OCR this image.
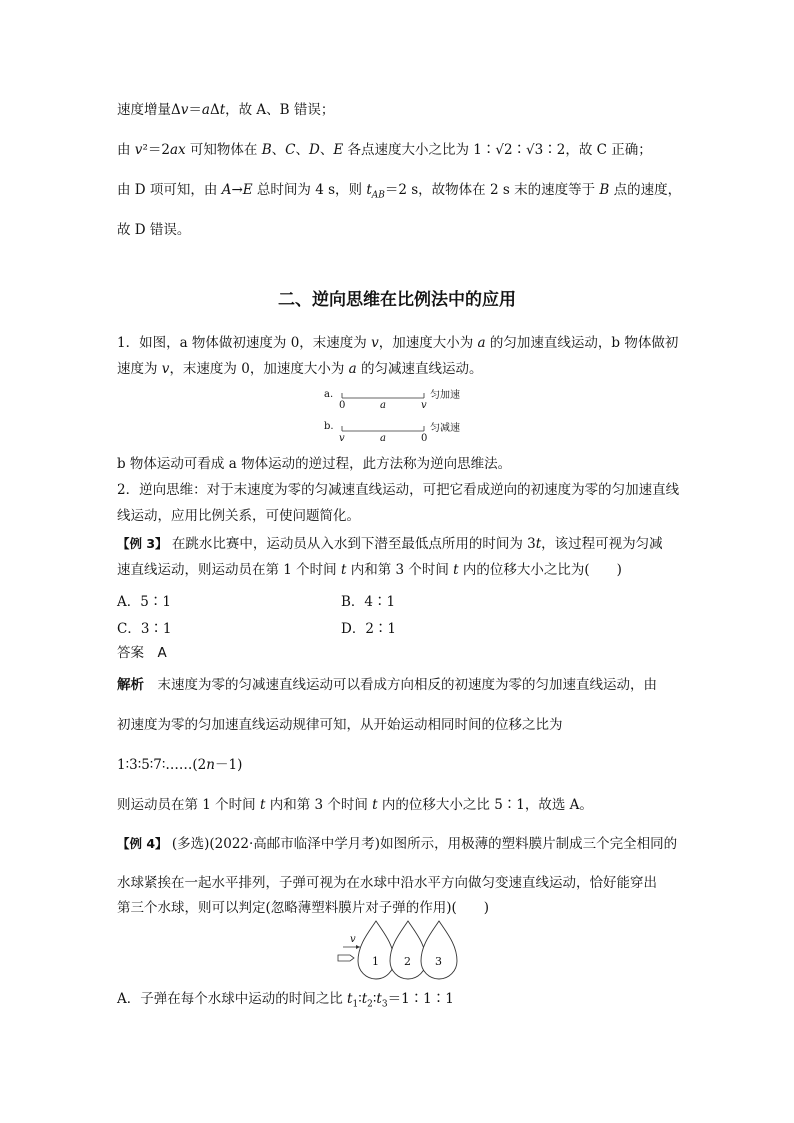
速度增量Δv＝aΔt，故 A、B 错误；
由 v²＝2ax 可知物体在 B、C、D、E 各点速度大小之比为 1∶√2∶√3∶2，故 C 正确；
由 D 项可知，由 A→E 总时间为 4 s，则 $t_{AB}=2$ s，故物体在 2 s 末的速度等于 B 点的速度，
故 D 错误。
二、逆向思维在比例法中的应用
1．如图，a 物体做初速度为 0，末速度为 v，加速度大小为 a 的匀加速直线运动，b 物体做初
速度为 v，末速度为 0，加速度大小为 a 的匀减速直线运动。
a.
0	a	v
匀加速
b.
v	a	0
匀减速
b 物体运动可看成 a 物体运动的逆过程，此方法称为逆向思维法。
2．逆向思维：对于末速度为零的匀减速直线运动，可把它看成逆向的初速度为零的匀加速直线
线运动，应用比例关系，可使问题简化。
【例 3】 在跳水比赛中，运动员从入水到下潜至最低点所用的时间为 3t，该过程可视为匀减
速直线运动，则运动员在第 1 个时间 t 内和第 3 个时间 t 内的位移大小之比为(　　)
A．5∶1	B．4∶1
C．3∶1	D．2∶1
答案　A
解析　末速度为零的匀减速直线运动可以看成方向相反的初速度为零的匀加速直线运动，由
初速度为零的匀加速直线运动规律可知，从开始运动相同时间的位移之比为
1∶3∶5∶7∶……(2n－1)
则运动员在第 1 个时间 t 内和第 3 个时间 t 内的位移大小之比 5∶1，故选 A。
【例 4】 (多选)(2022·高邮市临泽中学月考)如图所示，用极薄的塑料膜片制成三个完全相同的
水球紧挨在一起水平排列，子弹可视为在水球中沿水平方向做匀变速直线运动，恰好能穿出
第三个水球，则可以判定(忽略薄塑料膜片对子弹的作用)(　　)
v
1 2 3
A．子弹在每个水球中运动的时间之比 $t_1∶t_2∶t_3=1∶1∶1$
